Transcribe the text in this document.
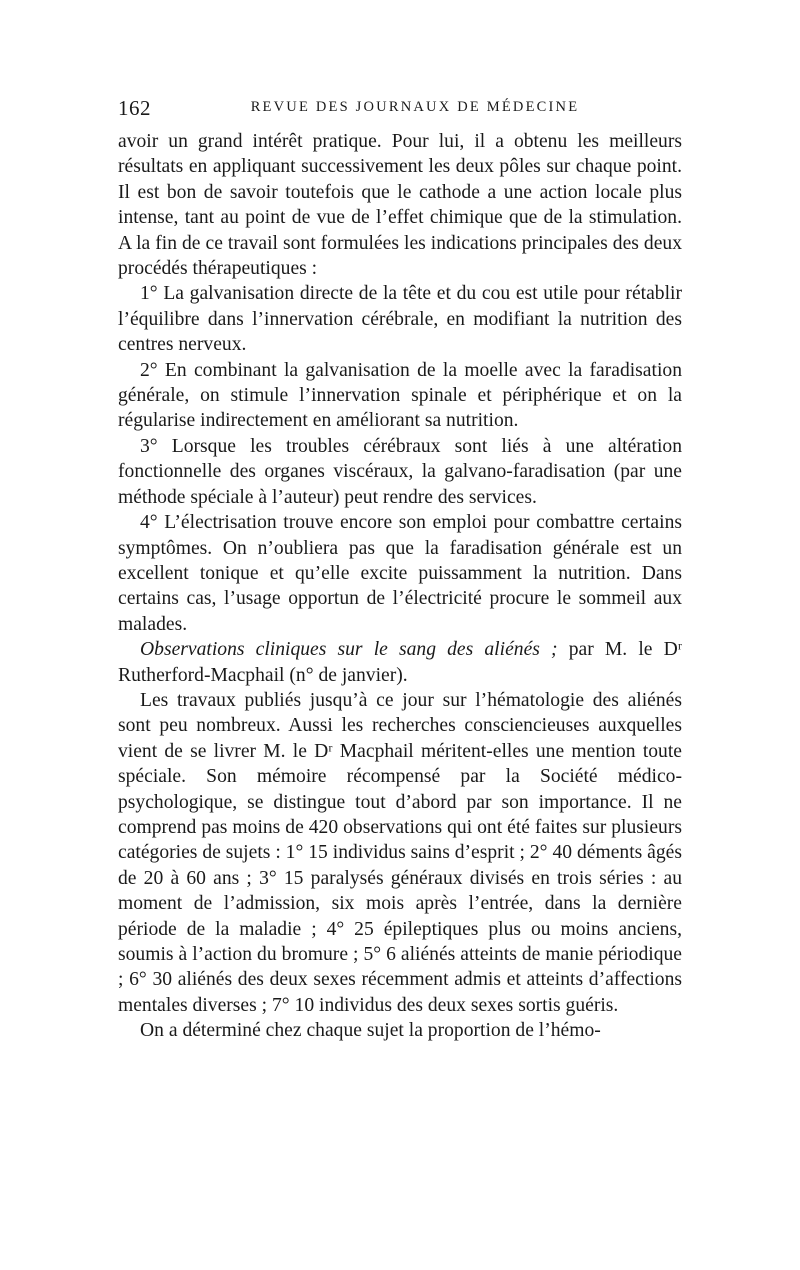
162	REVUE DES JOURNAUX DE MÉDECINE

avoir un grand intérêt pratique. Pour lui, il a obtenu les meilleurs résultats en appliquant successivement les deux pôles sur chaque point. Il est bon de savoir toutefois que le cathode a une action locale plus intense, tant au point de vue de l’effet chimique que de la stimulation. A la fin de ce travail sont formulées les indications principales des deux procédés thérapeutiques :

1° La galvanisation directe de la tête et du cou est utile pour rétablir l’équilibre dans l’innervation cérébrale, en modifiant la nutrition des centres nerveux.

2° En combinant la galvanisation de la moelle avec la faradisation générale, on stimule l’innervation spinale et périphérique et on la régularise indirectement en améliorant sa nutrition.

3° Lorsque les troubles cérébraux sont liés à une altération fonctionnelle des organes viscéraux, la galvano-faradisation (par une méthode spéciale à l’auteur) peut rendre des services.

4° L’électrisation trouve encore son emploi pour combattre certains symptômes. On n’oubliera pas que la faradisation générale est un excellent tonique et qu’elle excite puissamment la nutrition. Dans certains cas, l’usage opportun de l’électricité procure le sommeil aux malades.

Observations cliniques sur le sang des aliénés ; par M. le Dʳ Rutherford-Macphail (n° de janvier).

Les travaux publiés jusqu’à ce jour sur l’hématologie des aliénés sont peu nombreux. Aussi les recherches consciencieuses auxquelles vient de se livrer M. le Dʳ Macphail méritent-elles une mention toute spéciale. Son mémoire récompensé par la Société médico-psychologique, se distingue tout d’abord par son importance. Il ne comprend pas moins de 420 observations qui ont été faites sur plusieurs catégories de sujets : 1° 15 individus sains d’esprit ; 2° 40 déments âgés de 20 à 60 ans ; 3° 15 paralysés généraux divisés en trois séries : au moment de l’admission, six mois après l’entrée, dans la dernière période de la maladie ; 4° 25 épileptiques plus ou moins anciens, soumis à l’action du bromure ; 5° 6 aliénés atteints de manie périodique ; 6° 30 aliénés des deux sexes récemment admis et atteints d’affections mentales diverses ; 7° 10 individus des deux sexes sortis guéris.

On a déterminé chez chaque sujet la proportion de l’hémo-
